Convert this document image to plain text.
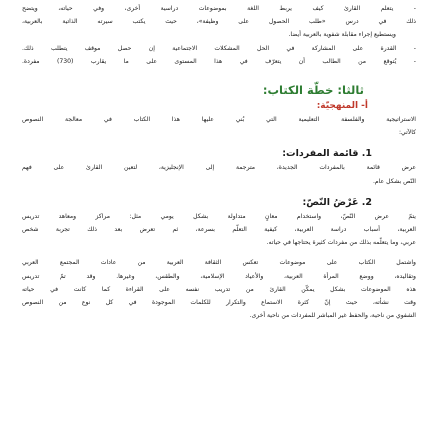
- يتعلم القارئ كيف يربط اللغة بموضوعات دراسية أخرى، وفي حياته، ويتضح

ذلك في درس «طلب الحصول على وظيفة»، حيث يكتب سيرته الذاتية بالعربية،

ويستطيع إجراء مقابلة شفوية بالعربية أيضا.

- القدرة على المشاركة في الحل المشكلات الاجتماعية إن حصل موقف يتطلب ذلك.

- يُتوقع من الطالب أن يتعرّف في هذا المستوى على ما يقارب (730) مفردة.

ثالثا: خطّة الكتاب:
أ- المنهجيّة:

الاستراتيجية والفلسفة التعليمية التي بُني عليها هذا الكتاب في معالجة النصوص

كالآتي:

1. قائمة المفردات:

عرض قائمة بالمفردات الجديدة، مترجمة إلى الإنجليزية، لتعين القارئ على فهم

النّص بشكل عام.

2. عَرْضُ النّصّ:

يتمّ عرض النّصّ، واستخدام معانٍ متداولة بشكل يومي مثل: مراكز ومعاهد تدريس

العربية، أسباب دراسة العربية، كيفية التعلّم بسرعة، ثم تعرض بعد ذلك تجربة شخص

عربي، وما يتعلّمه بذلك من مفردات كثيرة يحتاجها في حياته.

واشتمل الكتاب على موضوعات تعكس الثقافة العربية من عادات المجتمع العربي

وتقاليده، ووضع المرأة العربية، والأعياد الإسلامية، والطقس، وغيرها. وقد تمّ تدريس

هذه الموضوعات بشكل يمكّن القارئ من تدريب نفسه على القراءة كما كانت في حياته

وقت نشأته، حيث إنّ كثرة الاستماع والتكرار للكلمات الموجودة في كل نوع من النصوص

الشفوي من ناحية، والحفظ غير المباشر للمفردات من ناحية أخرى.
